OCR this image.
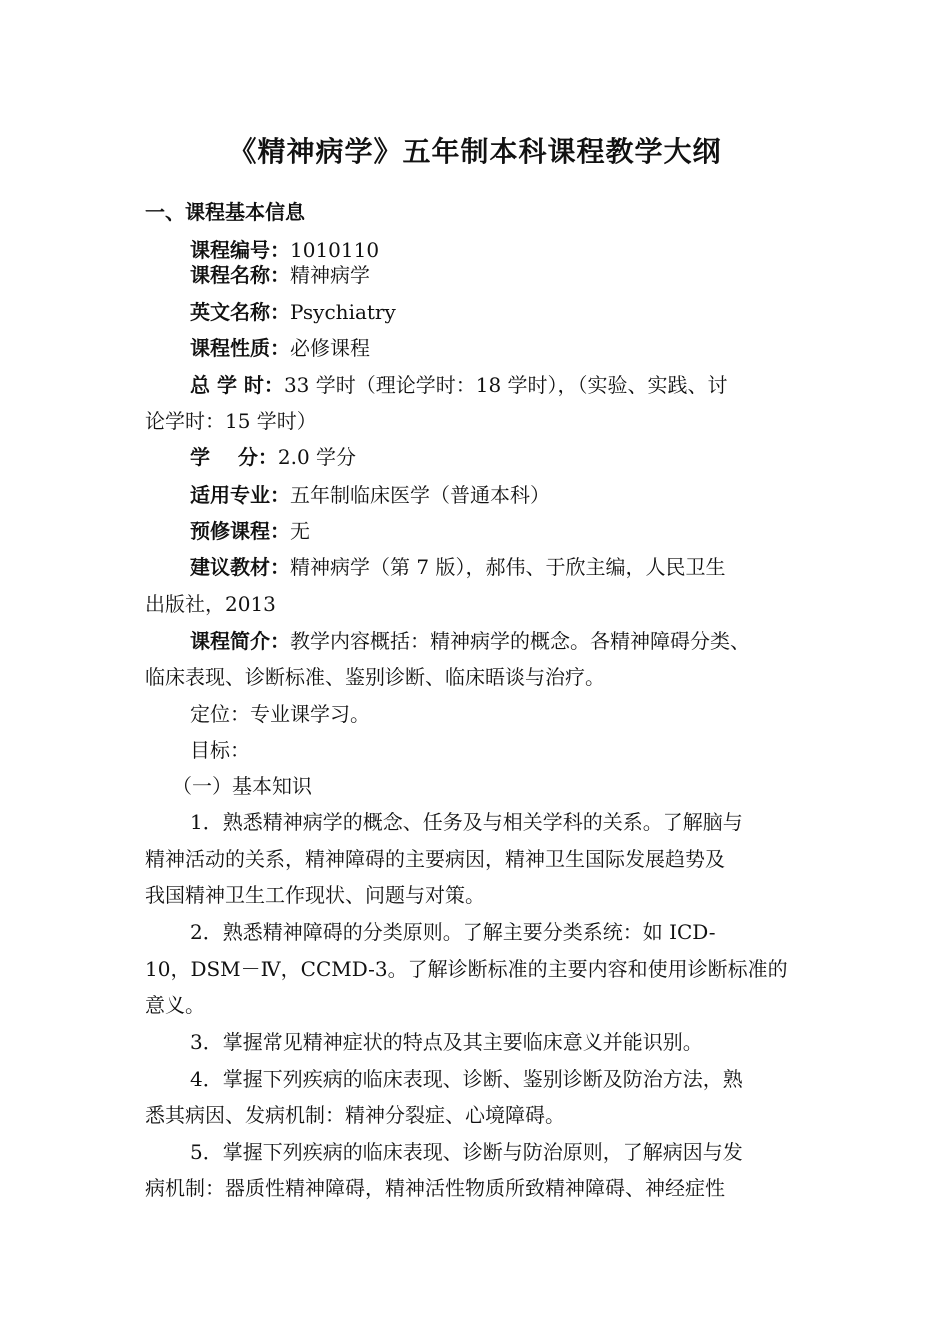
《精神病学》五年制本科课程教学大纲
一、课程基本信息
课程编号：1010110
课程名称：精神病学
英文名称：Psychiatry
课程性质：必修课程
总 学 时：33 学时（理论学时：18 学时），（实验、实践、讨
论学时：15 学时）
学    分：2.0 学分
适用专业：五年制临床医学（普通本科）
预修课程：无
建议教材：精神病学（第 7 版），郝伟、于欣主编，人民卫生
出版社，2013
课程简介：教学内容概括：精神病学的概念。各精神障碍分类、
临床表现、诊断标准、鉴别诊断、临床晤谈与治疗。
定位：专业课学习。
目标：
（一）基本知识
1．熟悉精神病学的概念、任务及与相关学科的关系。了解脑与
精神活动的关系，精神障碍的主要病因，精神卫生国际发展趋势及
我国精神卫生工作现状、问题与对策。
2．熟悉精神障碍的分类原则。了解主要分类系统：如 ICD-
10，DSM－Ⅳ，CCMD-3。了解诊断标准的主要内容和使用诊断标准的
意义。
3．掌握常见精神症状的特点及其主要临床意义并能识别。
4．掌握下列疾病的临床表现、诊断、鉴别诊断及防治方法，熟
悉其病因、发病机制：精神分裂症、心境障碍。
5．掌握下列疾病的临床表现、诊断与防治原则，了解病因与发
病机制：器质性精神障碍，精神活性物质所致精神障碍、神经症性
